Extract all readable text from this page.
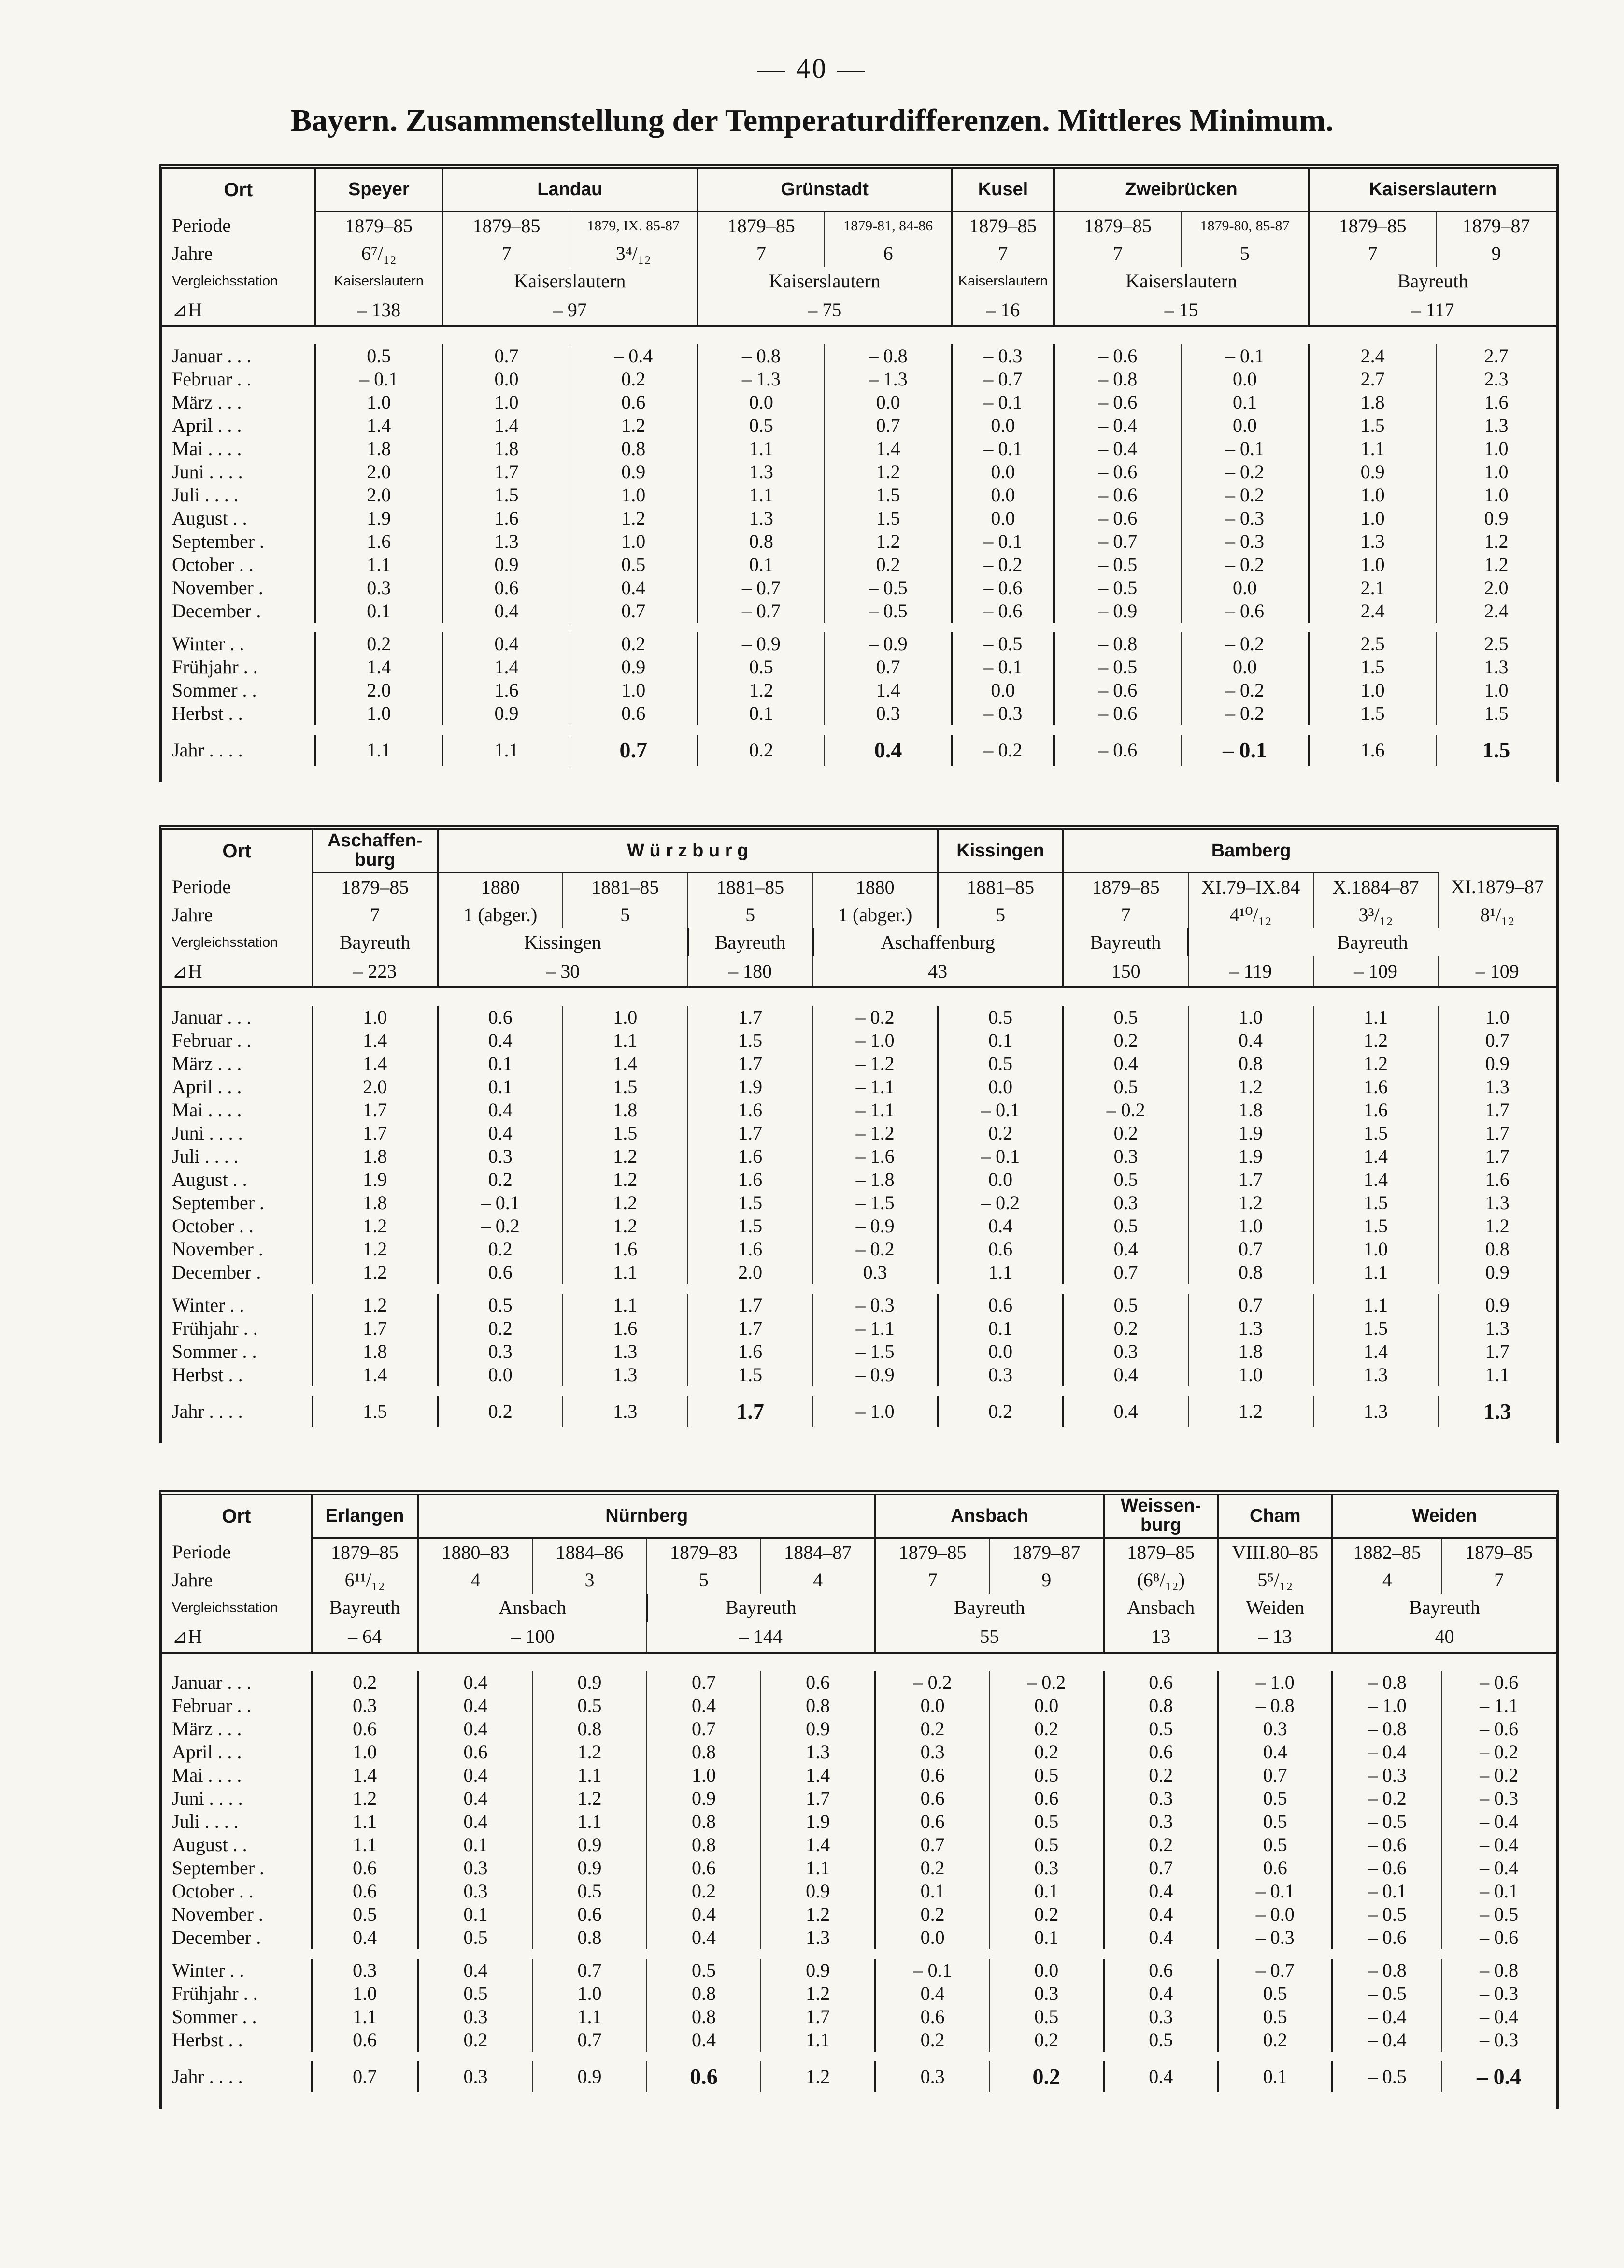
— 40 —
Bayern. Zusammenstellung der Temperaturdifferenzen. Mittleres Minimum.
Ort	Speyer	Landau		Grünstadt		Kusel	Zweibrücken		Kaiserslautern	
Periode	1879–85	1879–85	1879, IX. 85-87	1879–85	1879-81, 84-86	1879–85	1879–85	1879-80, 85-87	1879–85	1879–87
Jahre	6⁷/₁₂	7	3⁴/₁₂	7	6	7	7	5	7	9
Vergleichsstation	Kaiserslautern	Kaiserslautern		Kaiserslautern		Kaiserslautern	Kaiserslautern		Bayreuth	
⊿H	– 138	– 97		– 75		– 16	– 15		– 117	

Januar . . .	0.5	0.7	– 0.4	– 0.8	– 0.8	– 0.3	– 0.6	– 0.1	2.4	2.7
Februar . .	– 0.1	0.0	0.2	– 1.3	– 1.3	– 0.7	– 0.8	0.0	2.7	2.3
März . . .	1.0	1.0	0.6	0.0	0.0	– 0.1	– 0.6	0.1	1.8	1.6
April . . .	1.4	1.4	1.2	0.5	0.7	0.0	– 0.4	0.0	1.5	1.3
Mai . . . .	1.8	1.8	0.8	1.1	1.4	– 0.1	– 0.4	– 0.1	1.1	1.0
Juni . . . .	2.0	1.7	0.9	1.3	1.2	0.0	– 0.6	– 0.2	0.9	1.0
Juli . . . .	2.0	1.5	1.0	1.1	1.5	0.0	– 0.6	– 0.2	1.0	1.0
August . .	1.9	1.6	1.2	1.3	1.5	0.0	– 0.6	– 0.3	1.0	0.9
September .	1.6	1.3	1.0	0.8	1.2	– 0.1	– 0.7	– 0.3	1.3	1.2
October . .	1.1	0.9	0.5	0.1	0.2	– 0.2	– 0.5	– 0.2	1.0	1.2
November .	0.3	0.6	0.4	– 0.7	– 0.5	– 0.6	– 0.5	0.0	2.1	2.0
December .	0.1	0.4	0.7	– 0.7	– 0.5	– 0.6	– 0.9	– 0.6	2.4	2.4

Winter . .	0.2	0.4	0.2	– 0.9	– 0.9	– 0.5	– 0.8	– 0.2	2.5	2.5
Frühjahr . .	1.4	1.4	0.9	0.5	0.7	– 0.1	– 0.5	0.0	1.5	1.3
Sommer . .	2.0	1.6	1.0	1.2	1.4	0.0	– 0.6	– 0.2	1.0	1.0
Herbst . .	1.0	0.9	0.6	0.1	0.3	– 0.3	– 0.6	– 0.2	1.5	1.5

Jahr . . . .	1.1	1.1	0.7	0.2	0.4	– 0.2	– 0.6	– 0.1	1.6	1.5

Ort	Aschaffen-burg	W ü r z b u r g				Kissingen	Bamberg			
Periode	1879–85	1880	1881–85	1881–85	1880	1881–85	1879–85	XI.79–IX.84	X.1884–87	XI.1879–87
Jahre	7	1 (abger.)	5	5	1 (abger.)	5	7	4¹⁰/₁₂	3³/₁₂	8¹/₁₂
Vergleichsstation	Bayreuth	Kissingen		Bayreuth	Aschaffenburg		Bayreuth	Bayreuth		
⊿H	– 223	– 30		– 180	43		150	– 119	– 109	– 109

Januar . . .	1.0	0.6	1.0	1.7	– 0.2	0.5	0.5	1.0	1.1	1.0
Februar . .	1.4	0.4	1.1	1.5	– 1.0	0.1	0.2	0.4	1.2	0.7
März . . .	1.4	0.1	1.4	1.7	– 1.2	0.5	0.4	0.8	1.2	0.9
April . . .	2.0	0.1	1.5	1.9	– 1.1	0.0	0.5	1.2	1.6	1.3
Mai . . . .	1.7	0.4	1.8	1.6	– 1.1	– 0.1	– 0.2	1.8	1.6	1.7
Juni . . . .	1.7	0.4	1.5	1.7	– 1.2	0.2	0.2	1.9	1.5	1.7
Juli . . . .	1.8	0.3	1.2	1.6	– 1.6	– 0.1	0.3	1.9	1.4	1.7
August . .	1.9	0.2	1.2	1.6	– 1.8	0.0	0.5	1.7	1.4	1.6
September .	1.8	– 0.1	1.2	1.5	– 1.5	– 0.2	0.3	1.2	1.5	1.3
October . .	1.2	– 0.2	1.2	1.5	– 0.9	0.4	0.5	1.0	1.5	1.2
November .	1.2	0.2	1.6	1.6	– 0.2	0.6	0.4	0.7	1.0	0.8
December .	1.2	0.6	1.1	2.0	0.3	1.1	0.7	0.8	1.1	0.9

Winter . .	1.2	0.5	1.1	1.7	– 0.3	0.6	0.5	0.7	1.1	0.9
Frühjahr . .	1.7	0.2	1.6	1.7	– 1.1	0.1	0.2	1.3	1.5	1.3
Sommer . .	1.8	0.3	1.3	1.6	– 1.5	0.0	0.3	1.8	1.4	1.7
Herbst . .	1.4	0.0	1.3	1.5	– 0.9	0.3	0.4	1.0	1.3	1.1

Jahr . . . .	1.5	0.2	1.3	1.7	– 1.0	0.2	0.4	1.2	1.3	1.3

Ort	Erlangen	Nürnberg				Ansbach		Weissen-burg	Cham	Weiden	
Periode	1879–85	1880–83	1884–86	1879–83	1884–87	1879–85	1879–87	1879–85	VIII.80–85	1882–85	1879–85
Jahre	6¹¹/₁₂	4	3	5	4	7	9	(6⁸/₁₂)	5⁵/₁₂	4	7
Vergleichsstation	Bayreuth	Ansbach		Bayreuth		Bayreuth		Ansbach	Weiden	Bayreuth	
⊿H	– 64	– 100		– 144		55		13	– 13	40	

Januar . . .	0.2	0.4	0.9	0.7	0.6	– 0.2	– 0.2	0.6	– 1.0	– 0.8	– 0.6
Februar . .	0.3	0.4	0.5	0.4	0.8	0.0	0.0	0.8	– 0.8	– 1.0	– 1.1
März . . .	0.6	0.4	0.8	0.7	0.9	0.2	0.2	0.5	0.3	– 0.8	– 0.6
April . . .	1.0	0.6	1.2	0.8	1.3	0.3	0.2	0.6	0.4	– 0.4	– 0.2
Mai . . . .	1.4	0.4	1.1	1.0	1.4	0.6	0.5	0.2	0.7	– 0.3	– 0.2
Juni . . . .	1.2	0.4	1.2	0.9	1.7	0.6	0.6	0.3	0.5	– 0.2	– 0.3
Juli . . . .	1.1	0.4	1.1	0.8	1.9	0.6	0.5	0.3	0.5	– 0.5	– 0.4
August . .	1.1	0.1	0.9	0.8	1.4	0.7	0.5	0.2	0.5	– 0.6	– 0.4
September .	0.6	0.3	0.9	0.6	1.1	0.2	0.3	0.7	0.6	– 0.6	– 0.4
October . .	0.6	0.3	0.5	0.2	0.9	0.1	0.1	0.4	– 0.1	– 0.1	– 0.1
November .	0.5	0.1	0.6	0.4	1.2	0.2	0.2	0.4	– 0.0	– 0.5	– 0.5
December .	0.4	0.5	0.8	0.4	1.3	0.0	0.1	0.4	– 0.3	– 0.6	– 0.6

Winter . .	0.3	0.4	0.7	0.5	0.9	– 0.1	0.0	0.6	– 0.7	– 0.8	– 0.8
Frühjahr . .	1.0	0.5	1.0	0.8	1.2	0.4	0.3	0.4	0.5	– 0.5	– 0.3
Sommer . .	1.1	0.3	1.1	0.8	1.7	0.6	0.5	0.3	0.5	– 0.4	– 0.4
Herbst . .	0.6	0.2	0.7	0.4	1.1	0.2	0.2	0.5	0.2	– 0.4	– 0.3

Jahr . . . .	0.7	0.3	0.9	0.6	1.2	0.3	0.2	0.4	0.1	– 0.5	– 0.4
